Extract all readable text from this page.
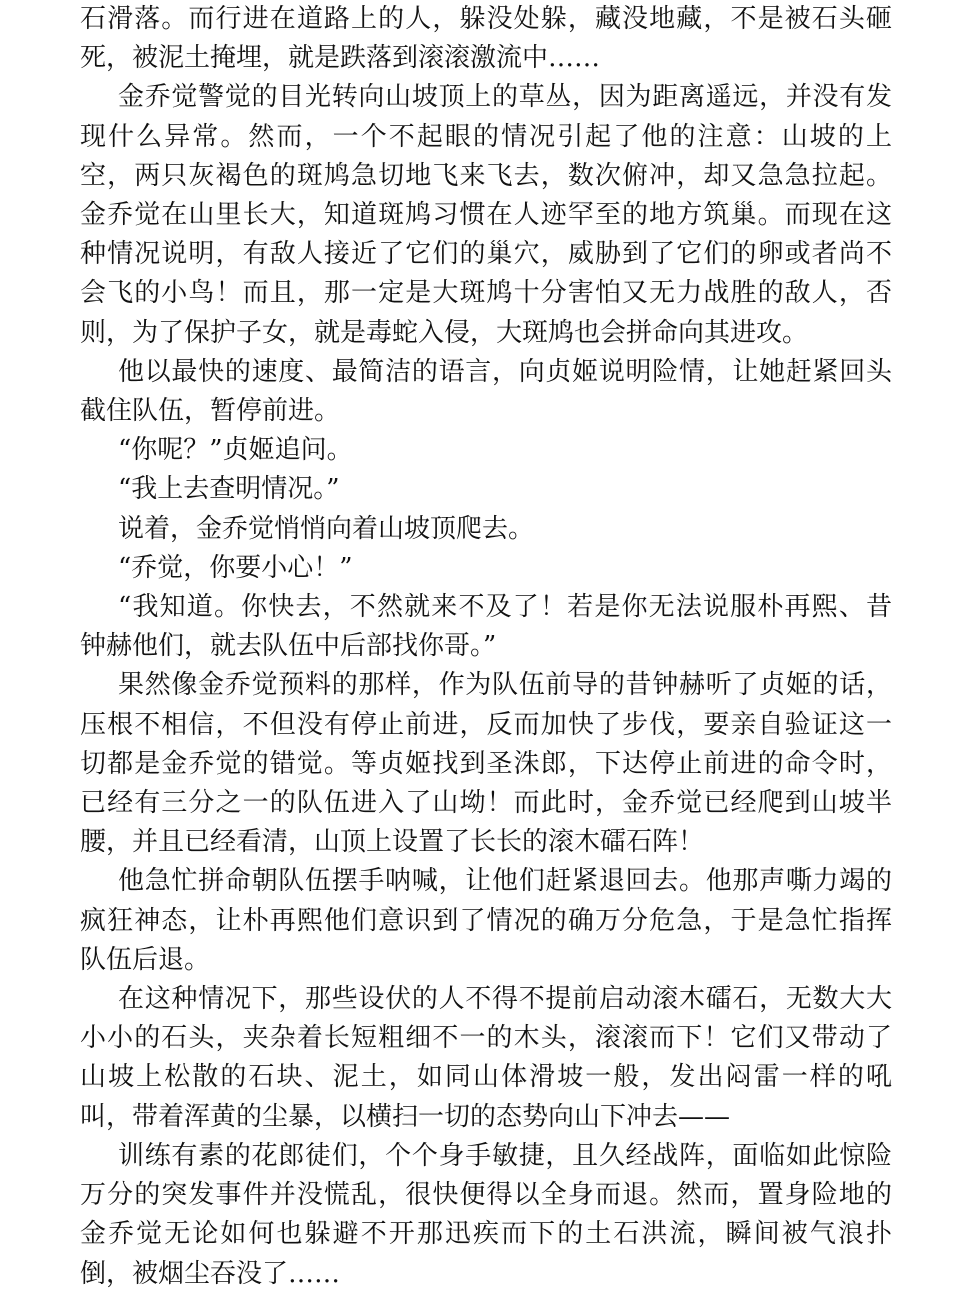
石滑落。而行进在道路上的人，躲没处躲，藏没地藏，不是被石头砸
死，被泥土掩埋，就是跌落到滚滚激流中……
金乔觉警觉的目光转向山坡顶上的草丛，因为距离遥远，并没有发
现什么异常。然而，一个不起眼的情况引起了他的注意：山坡的上
空，两只灰褐色的斑鸠急切地飞来飞去，数次俯冲，却又急急拉起。
金乔觉在山里长大，知道斑鸠习惯在人迹罕至的地方筑巢。而现在这
种情况说明，有敌人接近了它们的巢穴，威胁到了它们的卵或者尚不
会飞的小鸟！而且，那一定是大斑鸠十分害怕又无力战胜的敌人，否
则，为了保护子女，就是毒蛇入侵，大斑鸠也会拼命向其进攻。
他以最快的速度、最简洁的语言，向贞姬说明险情，让她赶紧回头
截住队伍，暂停前进。
“你呢？”贞姬追问。
“我上去查明情况。”
说着，金乔觉悄悄向着山坡顶爬去。
“乔觉，你要小心！”
“我知道。你快去，不然就来不及了！若是你无法说服朴再熙、昔
钟赫他们，就去队伍中后部找你哥。”
果然像金乔觉预料的那样，作为队伍前导的昔钟赫听了贞姬的话，
压根不相信，不但没有停止前进，反而加快了步伐，要亲自验证这一
切都是金乔觉的错觉。等贞姬找到圣洙郎，下达停止前进的命令时，
已经有三分之一的队伍进入了山坳！而此时，金乔觉已经爬到山坡半
腰，并且已经看清，山顶上设置了长长的滚木礌石阵！
他急忙拼命朝队伍摆手呐喊，让他们赶紧退回去。他那声嘶力竭的
疯狂神态，让朴再熙他们意识到了情况的确万分危急，于是急忙指挥
队伍后退。
在这种情况下，那些设伏的人不得不提前启动滚木礌石，无数大大
小小的石头，夹杂着长短粗细不一的木头，滚滚而下！它们又带动了
山坡上松散的石块、泥土，如同山体滑坡一般，发出闷雷一样的吼
叫，带着浑黄的尘暴，以横扫一切的态势向山下冲去——
训练有素的花郎徒们，个个身手敏捷，且久经战阵，面临如此惊险
万分的突发事件并没慌乱，很快便得以全身而退。然而，置身险地的
金乔觉无论如何也躲避不开那迅疾而下的土石洪流，瞬间被气浪扑
倒，被烟尘吞没了……
